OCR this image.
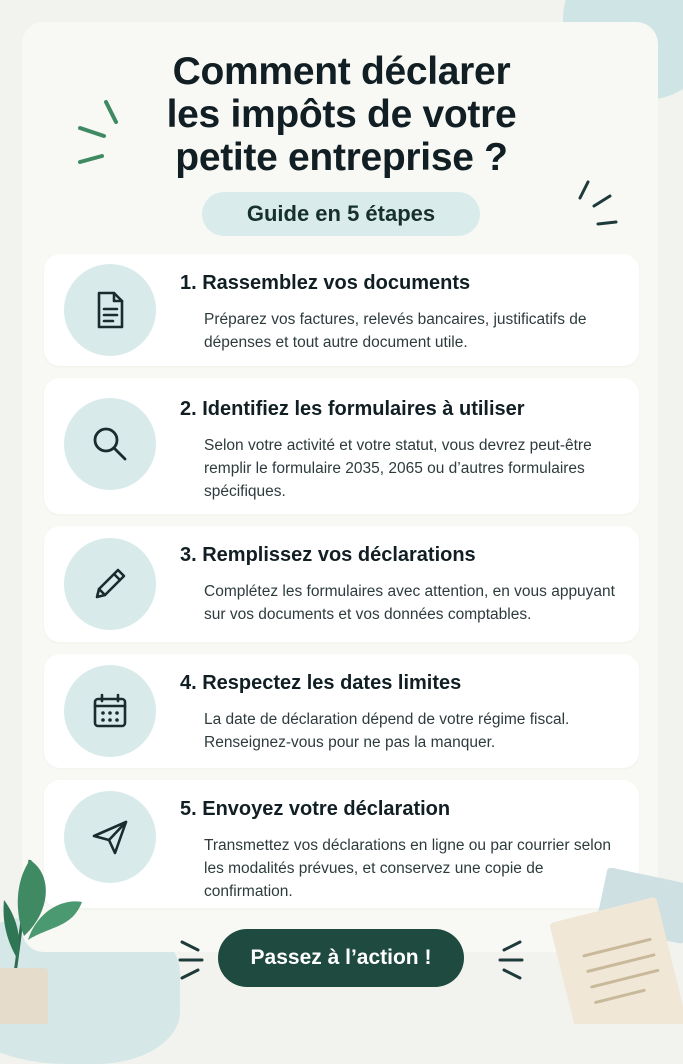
Comment déclarer
les impôts de votre
petite entreprise ?
Guide en 5 étapes
1. Rassemblez vos documents

Préparez vos factures, relevés bancaires, justificatifs de dépenses et tout autre document utile.

2. Identifiez les formulaires à utiliser

Selon votre activité et votre statut, vous devrez peut-être remplir le formulaire 2035, 2065 ou d’autres formulaires spécifiques.

3. Remplissez vos déclarations

Complétez les formulaires avec attention, en vous appuyant sur vos documents et vos données comptables.

4. Respectez les dates limites

La date de déclaration dépend de votre régime fiscal. Renseignez-vous pour ne pas la manquer.

5. Envoyez votre déclaration

Transmettez vos déclarations en ligne ou par courrier selon les modalités prévues, et conservez une copie de confirmation.

Passez à l’action !
